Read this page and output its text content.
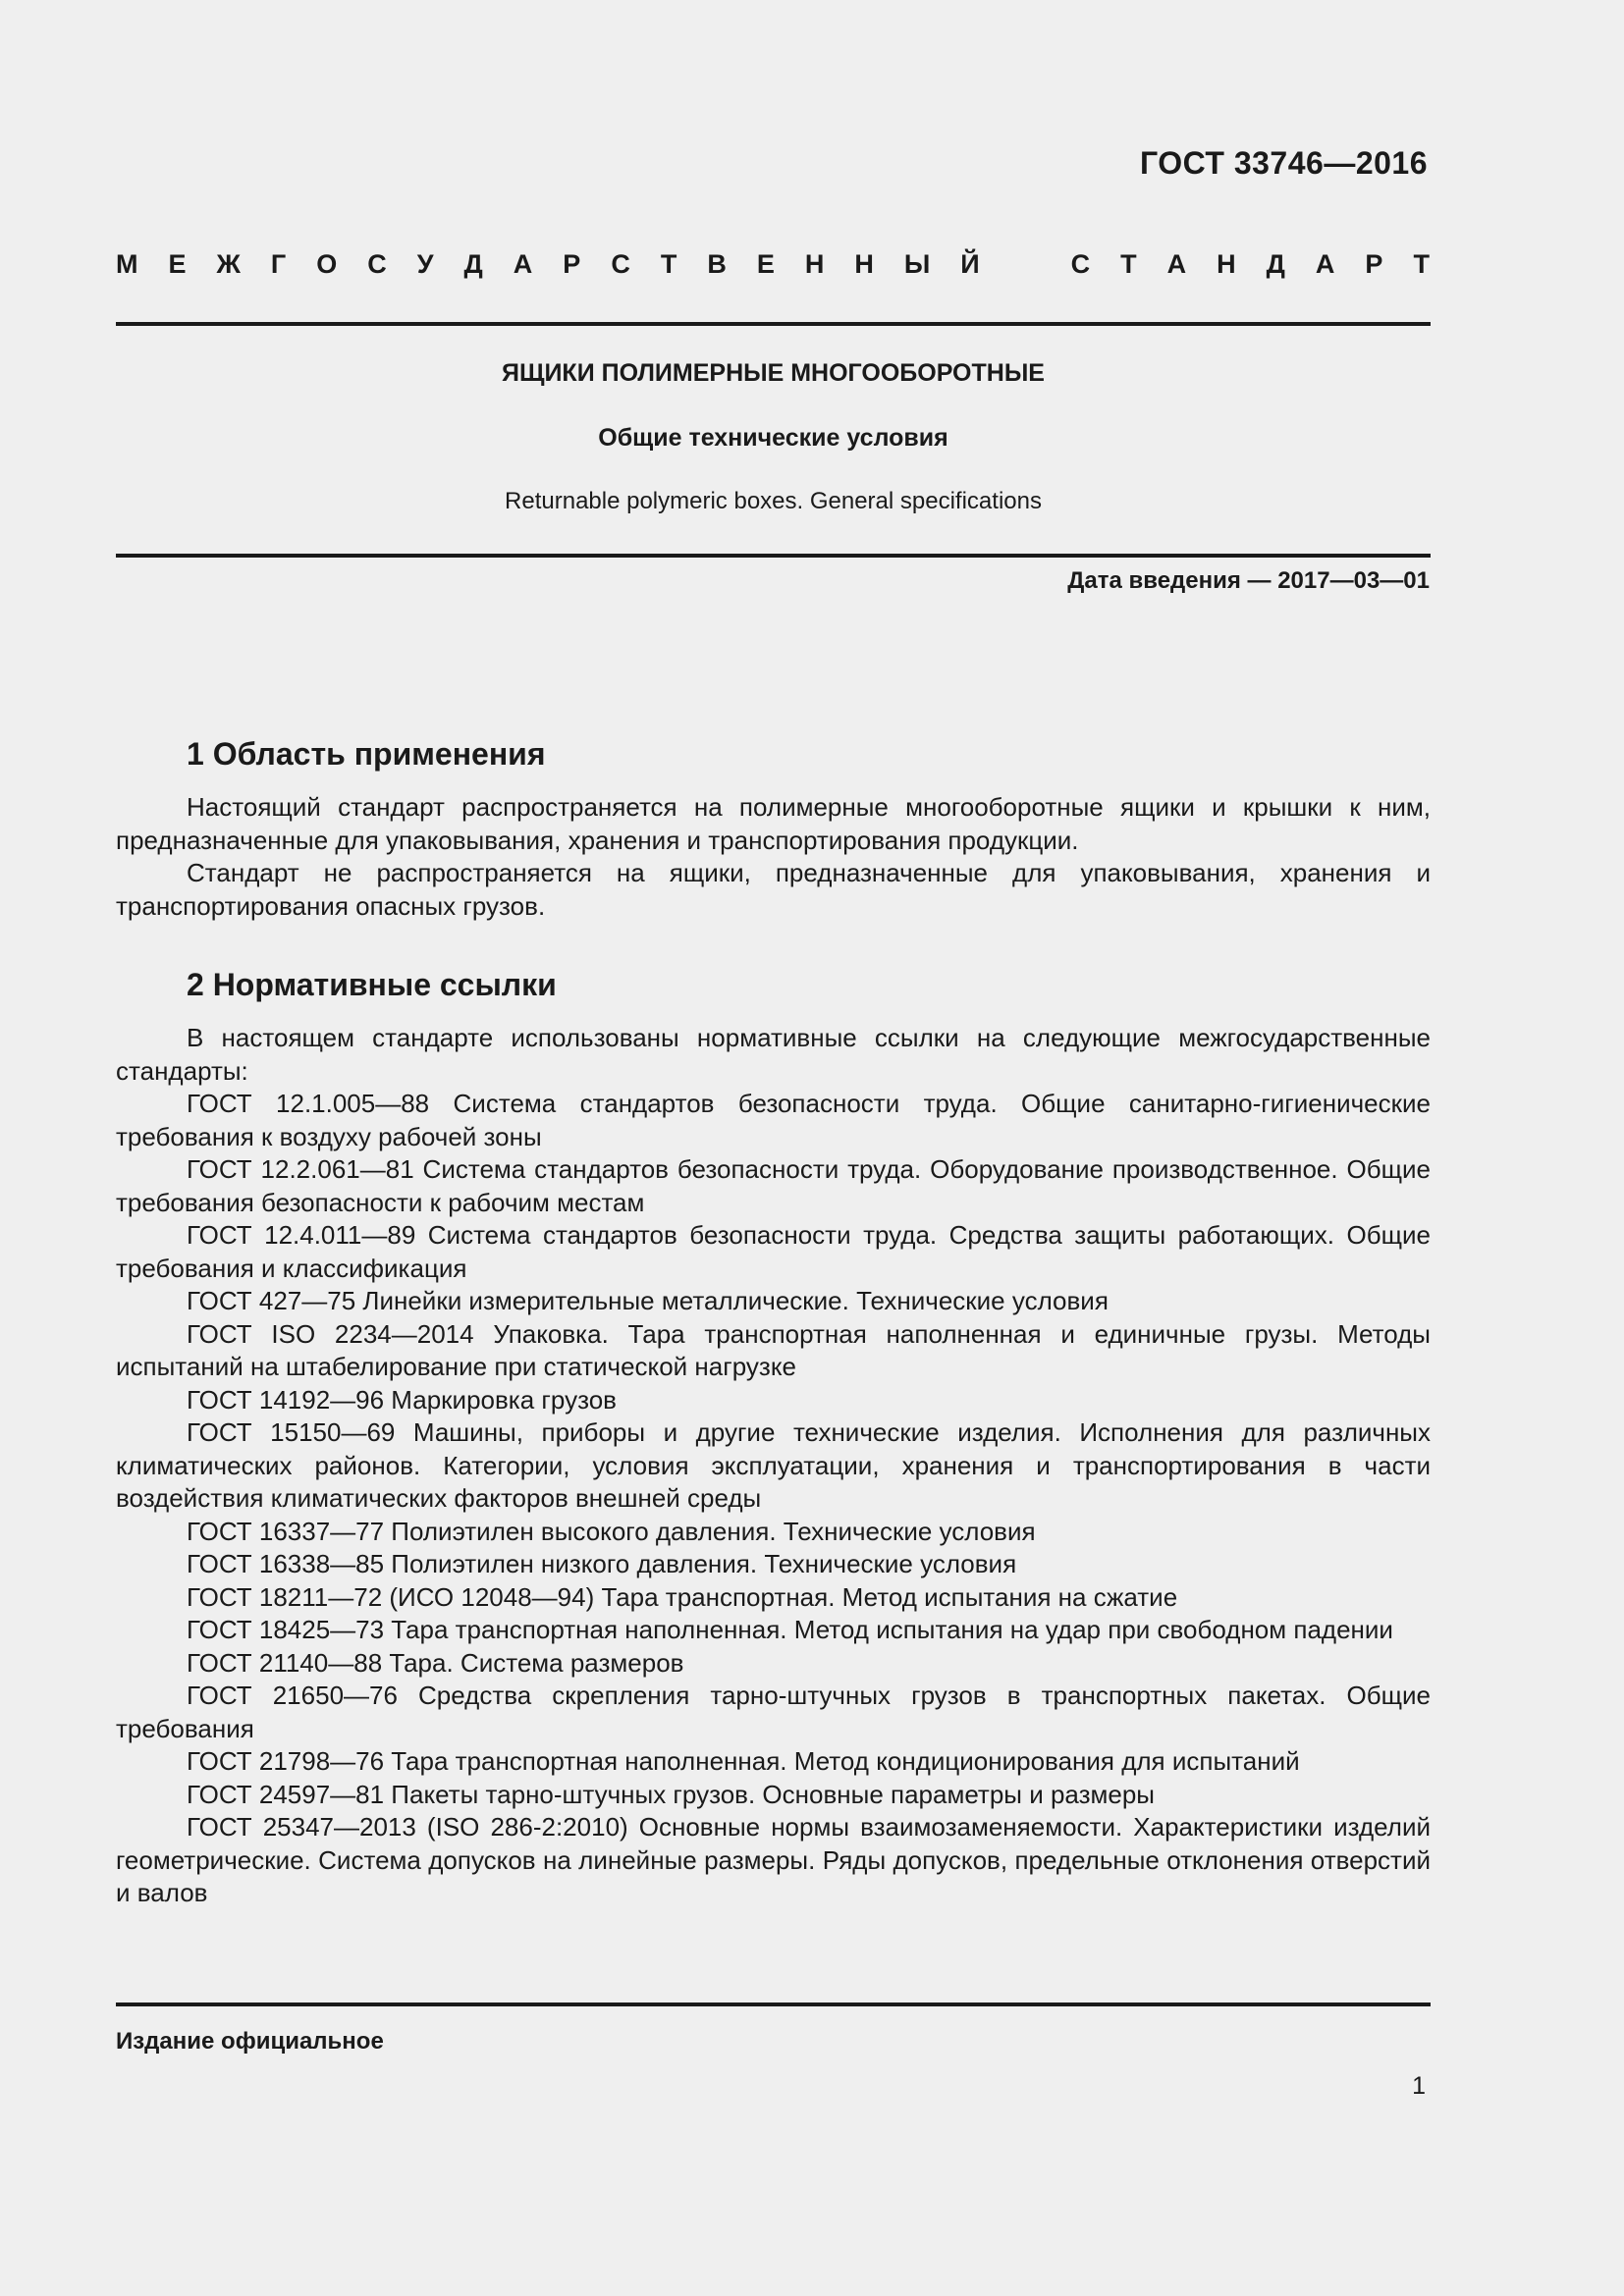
ГОСТ 33746—2016
М Е Ж Г О С У Д А Р С Т В Е Н Н Ы Й	С Т А Н Д А Р Т
ЯЩИКИ ПОЛИМЕРНЫЕ МНОГООБОРОТНЫЕ
Общие технические условия
Returnable polymeric boxes. General specifications
Дата введения — 2017—03—01
1 Область применения

Настоящий стандарт распространяется на полимерные многооборотные ящики и крышки к ним, предназначенные для упаковывания, хранения и транспортирования продукции.

Стандарт не распространяется на ящики, предназначенные для упаковывания, хранения и транспортирования опасных грузов.

2 Нормативные ссылки

В настоящем стандарте использованы нормативные ссылки на следующие межгосударственные стандарты:

ГОСТ 12.1.005—88 Система стандартов безопасности труда. Общие санитарно-гигиенические требования к воздуху рабочей зоны

ГОСТ 12.2.061—81 Система стандартов безопасности труда. Оборудование производственное. Общие требования безопасности к рабочим местам

ГОСТ 12.4.011—89 Система стандартов безопасности труда. Средства защиты работающих. Общие требования и классификация

ГОСТ 427—75 Линейки измерительные металлические. Технические условия

ГОСТ ISO 2234—2014 Упаковка. Тара транспортная наполненная и единичные грузы. Методы испытаний на штабелирование при статической нагрузке

ГОСТ 14192—96 Маркировка грузов

ГОСТ 15150—69 Машины, приборы и другие технические изделия. Исполнения для различных климатических районов. Категории, условия эксплуатации, хранения и транспортирования в части воздействия климатических факторов внешней среды

ГОСТ 16337—77 Полиэтилен высокого давления. Технические условия

ГОСТ 16338—85 Полиэтилен низкого давления. Технические условия

ГОСТ 18211—72 (ИСО 12048—94) Тара транспортная. Метод испытания на сжатие

ГОСТ 18425—73 Тара транспортная наполненная. Метод испытания на удар при свободном падении

ГОСТ 21140—88 Тара. Система размеров

ГОСТ 21650—76 Средства скрепления тарно-штучных грузов в транспортных пакетах. Общие требования

ГОСТ 21798—76 Тара транспортная наполненная. Метод кондиционирования для испытаний

ГОСТ 24597—81 Пакеты тарно-штучных грузов. Основные параметры и размеры

ГОСТ 25347—2013 (ISO 286-2:2010) Основные нормы взаимозаменяемости. Характеристики изделий геометрические. Система допусков на линейные размеры. Ряды допусков, предельные отклонения отверстий и валов

Издание официальное
1
